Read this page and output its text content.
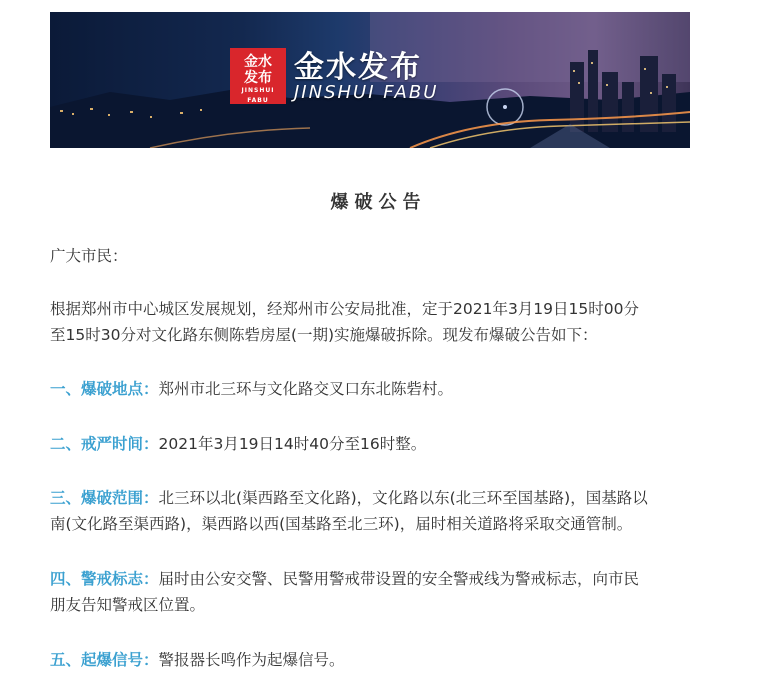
金水
发布
JINSHUI FABU
金水发布
JINSHUI FABU
爆破公告
广大市民：
根据郑州市中心城区发展规划，经郑州市公安局批准，定于2021年3月19日15时00分
至15时30分对文化路东侧陈砦房屋(一期)实施爆破拆除。现发布爆破公告如下：
一、爆破地点：郑州市北三环与文化路交叉口东北陈砦村。
二、戒严时间：2021年3月19日14时40分至16时整。
三、爆破范围：北三环以北(渠西路至文化路)，文化路以东(北三环至国基路)，国基路以
南(文化路至渠西路)，渠西路以西(国基路至北三环)，届时相关道路将采取交通管制。
四、警戒标志：届时由公安交警、民警用警戒带设置的安全警戒线为警戒标志，向市民
朋友告知警戒区位置。
五、起爆信号：警报器长鸣作为起爆信号。
